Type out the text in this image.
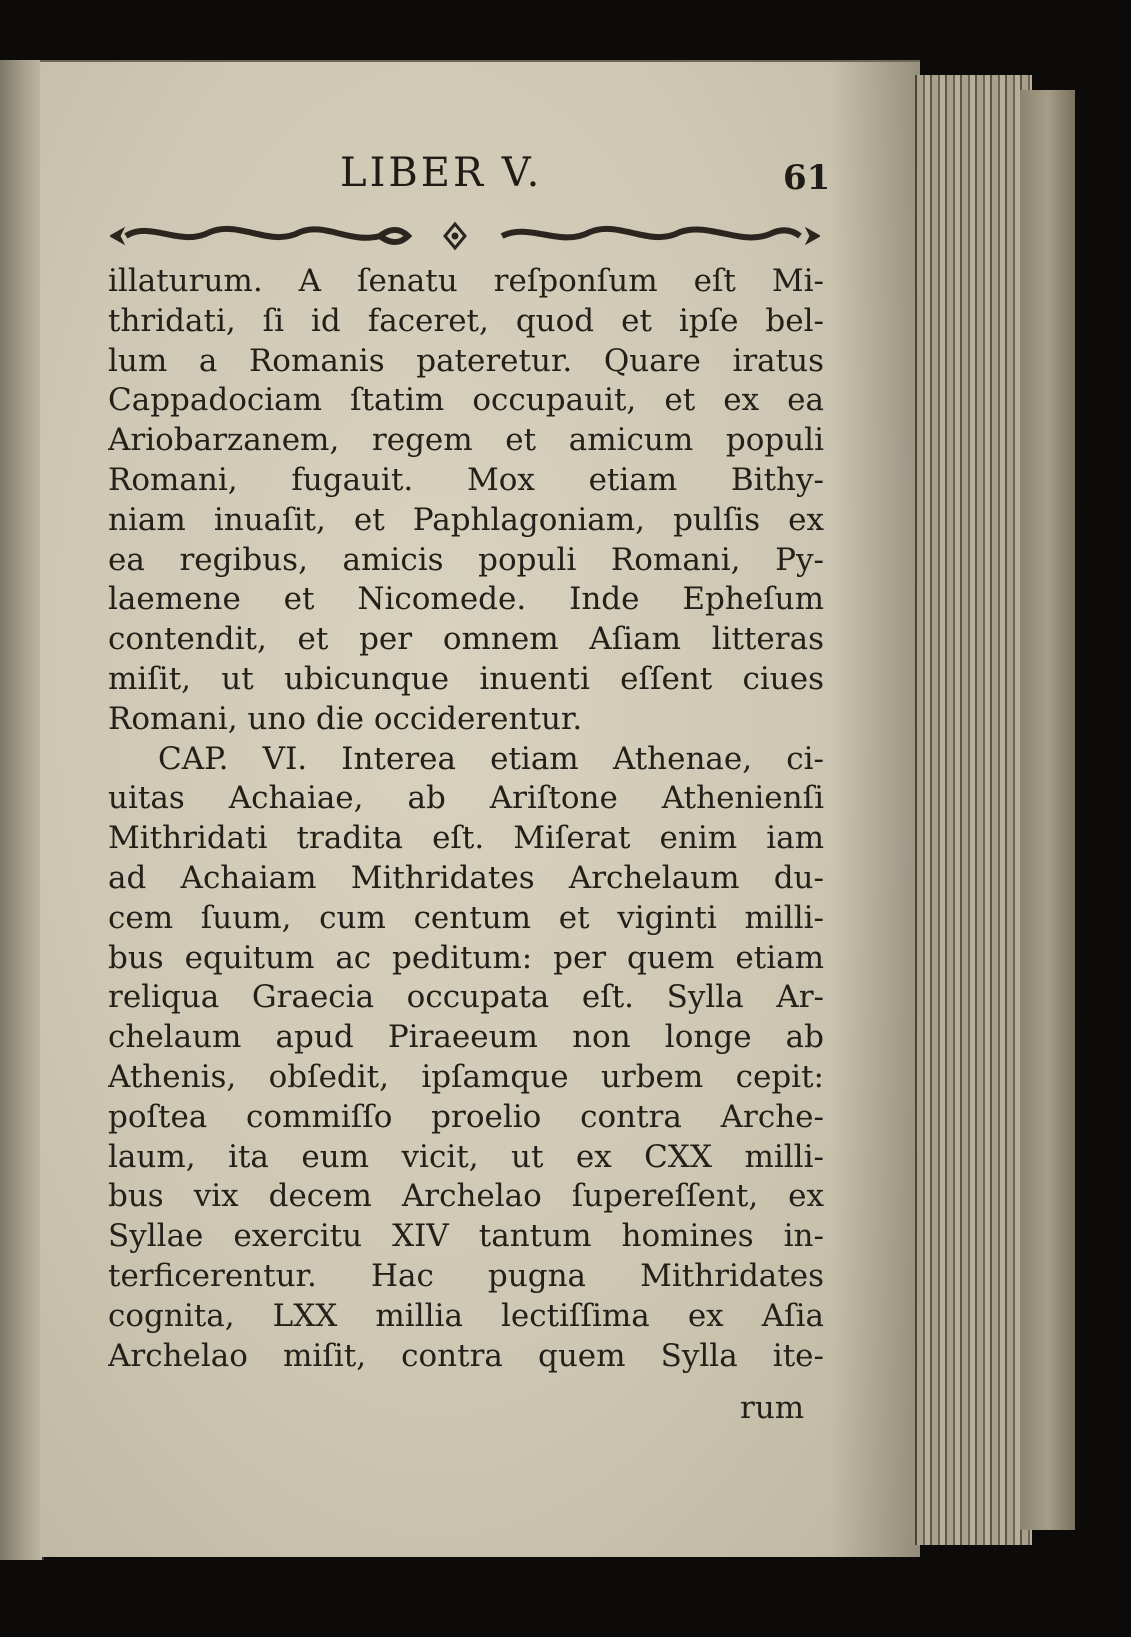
LIBER V.	61
illaturum. A ſenatu reſponſum eſt Mi-
thridati, ſi id faceret, quod et ipſe bel-
lum a Romanis pateretur. Quare iratus
Cappadociam ſtatim occupauit, et ex ea
Ariobarzanem, regem et amicum populi
Romani, fugauit. Mox etiam Bithy-
niam inuaſit, et Paphlagoniam, pulſis ex
ea regibus, amicis populi Romani, Py-
laemene et Nicomede. Inde Epheſum
contendit, et per omnem Aſiam litteras
miſit, ut ubicunque inuenti eſſent ciues
Romani, uno die occiderentur.
CAP. VI. Interea etiam Athenae, ci-
uitas Achaiae, ab Ariſtone Athenienſi
Mithridati tradita eſt. Miſerat enim iam
ad Achaiam Mithridates Archelaum du-
cem ſuum, cum centum et viginti milli-
bus equitum ac peditum: per quem etiam
reliqua Graecia occupata eſt. Sylla Ar-
chelaum apud Piraeeum non longe ab
Athenis, obſedit, ipſamque urbem cepit:
poſtea commiſſo proelio contra Arche-
laum, ita eum vicit, ut ex CXX milli-
bus vix decem Archelao ſupereſſent, ex
Syllae exercitu XIV tantum homines in-
terficerentur. Hac pugna Mithridates
cognita, LXX millia lectiſſima ex Aſia
Archelao miſit, contra quem Sylla ite-
rum
